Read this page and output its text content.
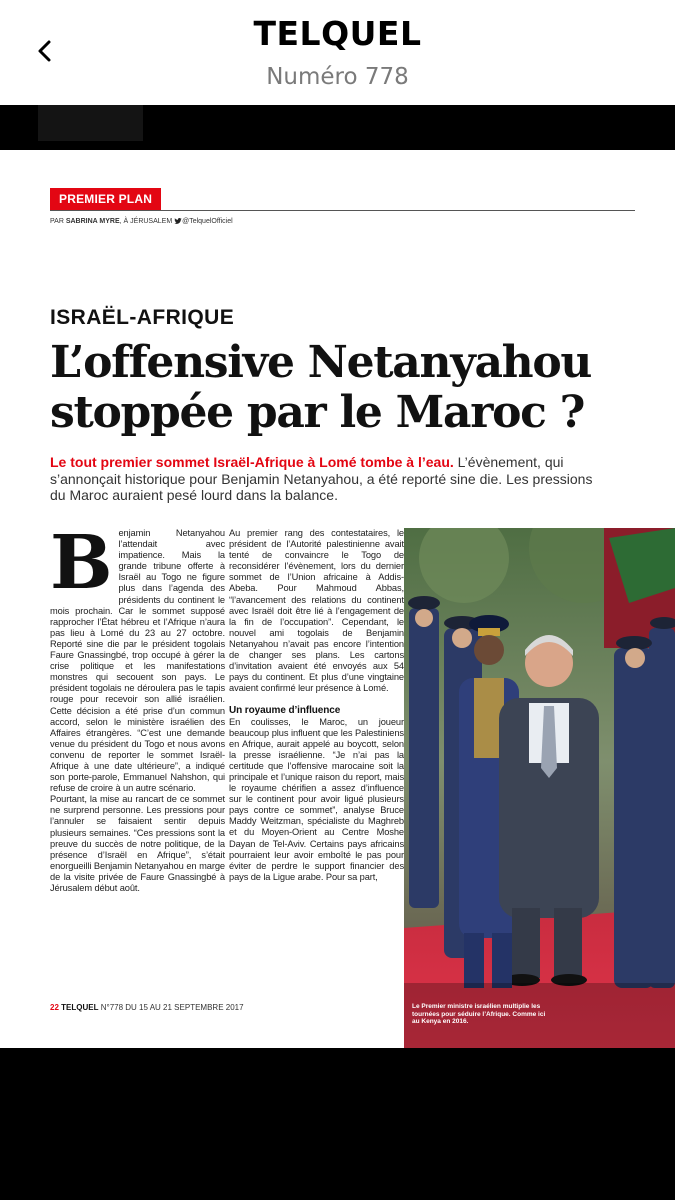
TELQUEL
Numéro 778
PREMIER PLAN
PAR SABRINA MYRE, À JÉRUSALEM @TelquelOfficiel
ISRAËL-AFRIQUE
L’offensive Netanyahou
stoppée par le Maroc ?
Le tout premier sommet Israël-Afrique à Lomé tombe à l’eau. L’évènement, qui s’annonçait historique pour Benjamin Netanyahou, a été reporté sine die. Les pressions du Maroc auraient pesé lourd dans la balance.
B enjamin Netanyahou l’attendait avec impatience. Mais la grande tribune offerte à Israël au Togo ne figure plus dans l’agenda des présidents du continent le mois prochain. Car le sommet supposé rapprocher l’État hébreu et l’Afrique n’aura pas lieu à Lomé du 23 au 27 octobre. Reporté sine die par le président togolais Faure Gnassingbé, trop occupé à gérer la crise politique et les manifestations monstres qui secouent son pays. Le président togolais ne déroulera pas le tapis rouge pour recevoir son allié israélien. Cette décision a été prise d’un commun accord, selon le ministère israélien des Affaires étrangères. “C’est une demande venue du président du Togo et nous avons convenu de reporter le sommet Israël-Afrique à une date ultérieure”, a indiqué son porte-parole, Emmanuel Nahshon, qui refuse de croire à un autre scénario.

Pourtant, la mise au rancart de ce sommet ne surprend personne. Les pressions pour l’annuler se faisaient sentir depuis plusieurs semaines. “Ces pressions sont la preuve du succès de notre politique, de la présence d’Israël en Afrique”, s’était enorgueilli Benjamin Netanyahou en marge de la visite privée de Faure Gnassingbé à Jérusalem début août.

Au premier rang des contestataires, le président de l’Autorité palestinienne avait tenté de convaincre le Togo de reconsidérer l’évènement, lors du dernier sommet de l’Union africaine à Addis-Abeba. Pour Mahmoud Abbas, “l’avancement des relations du continent avec Israël doit être lié à l’engagement de la fin de l’occupation”. Cependant, le nouvel ami togolais de Benjamin Netanyahou n’avait pas encore l’intention de changer ses plans. Les cartons d’invitation avaient été envoyés aux 54 pays du continent. Et plus d’une vingtaine avaient confirmé leur présence à Lomé.

Un royaume d’influence

En coulisses, le Maroc, un joueur beaucoup plus influent que les Palestiniens en Afrique, aurait appelé au boycott, selon la presse israélienne. “Je n’ai pas la certitude que l’offensive marocaine soit la principale et l’unique raison du report, mais le royaume chérifien a assez d’influence sur le continent pour avoir ligué plusieurs pays contre ce sommet”, analyse Bruce Maddy Weitzman, spécialiste du Maghreb et du Moyen-Orient au Centre Moshe Dayan de Tel-Aviv. Certains pays africains pourraient leur avoir emboîté le pas pour éviter de perdre le support financier des pays de la Ligue arabe. Pour sa part,

Le Premier ministre israélien multiplie les tournées pour séduire l’Afrique. Comme ici au Kenya en 2016.
22 TELQUEL N°778 DU 15 AU 21 SEPTEMBRE 2017
